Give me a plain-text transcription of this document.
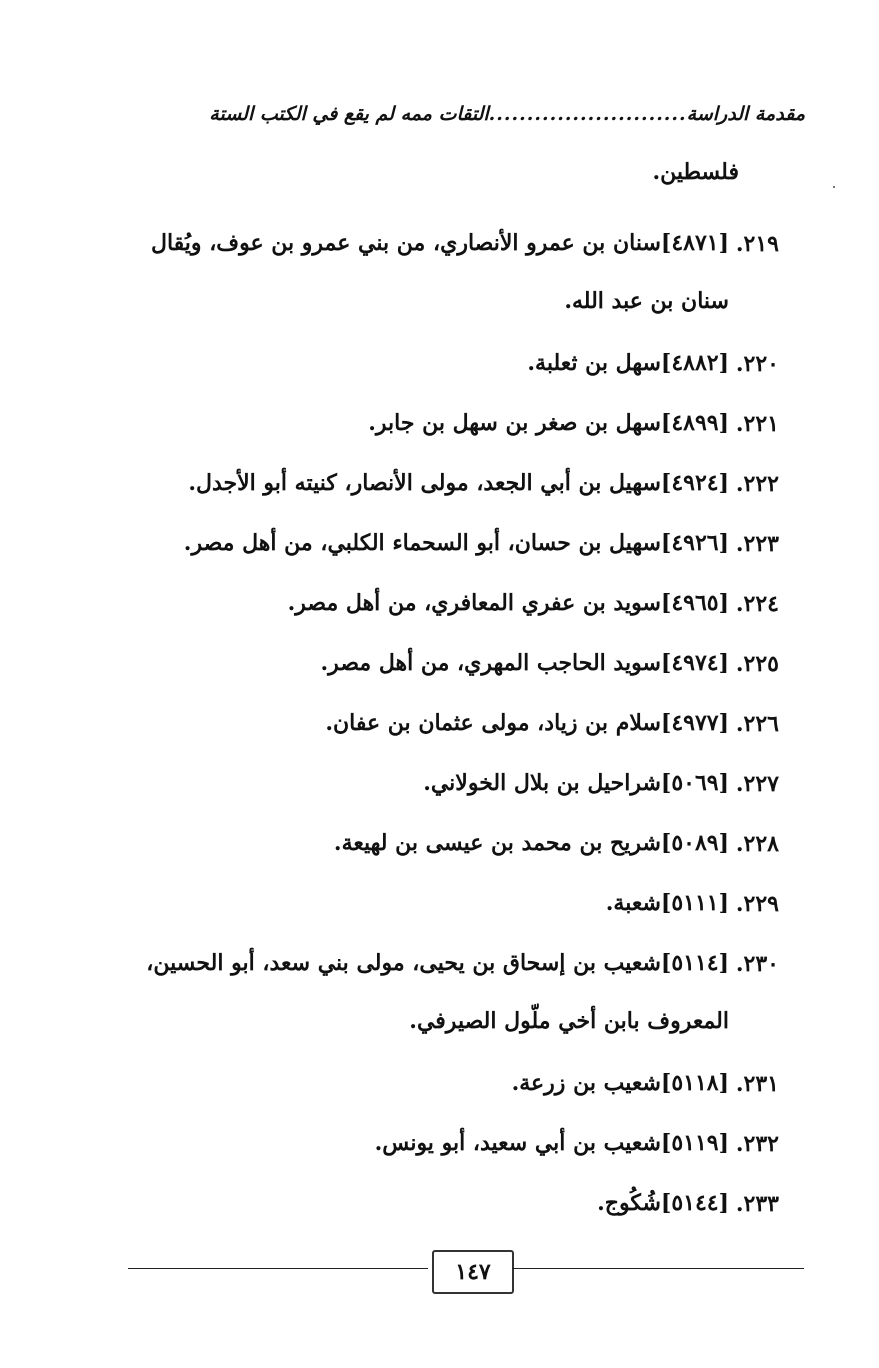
مقدمة الدراسة
..........................
التقات ممه لم يقع في الكتب الستة
فلسطين.
٢١٩.
[٤٨٧١]سنان بن عمرو الأنصاري، من بني عمرو بن عوف، ويُقال سنان بن عبد الله.
٢٢٠.
[٤٨٨٢]سهل بن ثعلبة.
٢٢١.
[٤٨٩٩]سهل بن صغر بن سهل بن جابر.
٢٢٢.
[٤٩٢٤]سهيل بن أبي الجعد، مولى الأنصار، كنيته أبو الأجدل.
٢٢٣.
[٤٩٢٦]سهيل بن حسان، أبو السحماء الكلبي، من أهل مصر.
٢٢٤.
[٤٩٦٥]سويد بن عفري المعافري، من أهل مصر.
٢٢٥.
[٤٩٧٤]سويد الحاجب المهري، من أهل مصر.
٢٢٦.
[٤٩٧٧]سلام بن زياد، مولى عثمان بن عفان.
٢٢٧.
[٥٠٦٩]شراحيل بن بلال الخولاني.
٢٢٨.
[٥٠٨٩]شريح بن محمد بن عيسى بن لهيعة.
٢٢٩.
[٥١١١]شعبة.
٢٣٠.
[٥١١٤]شعيب بن إسحاق بن يحيى، مولى بني سعد، أبو الحسين، المعروف بابن أخي ملّول الصيرفي.
٢٣١.
[٥١١٨]شعيب بن زرعة.
٢٣٢.
[٥١١٩]شعيب بن أبي سعيد، أبو يونس.
٢٣٣.
[٥١٤٤]شُكُوج.
١٤٧
